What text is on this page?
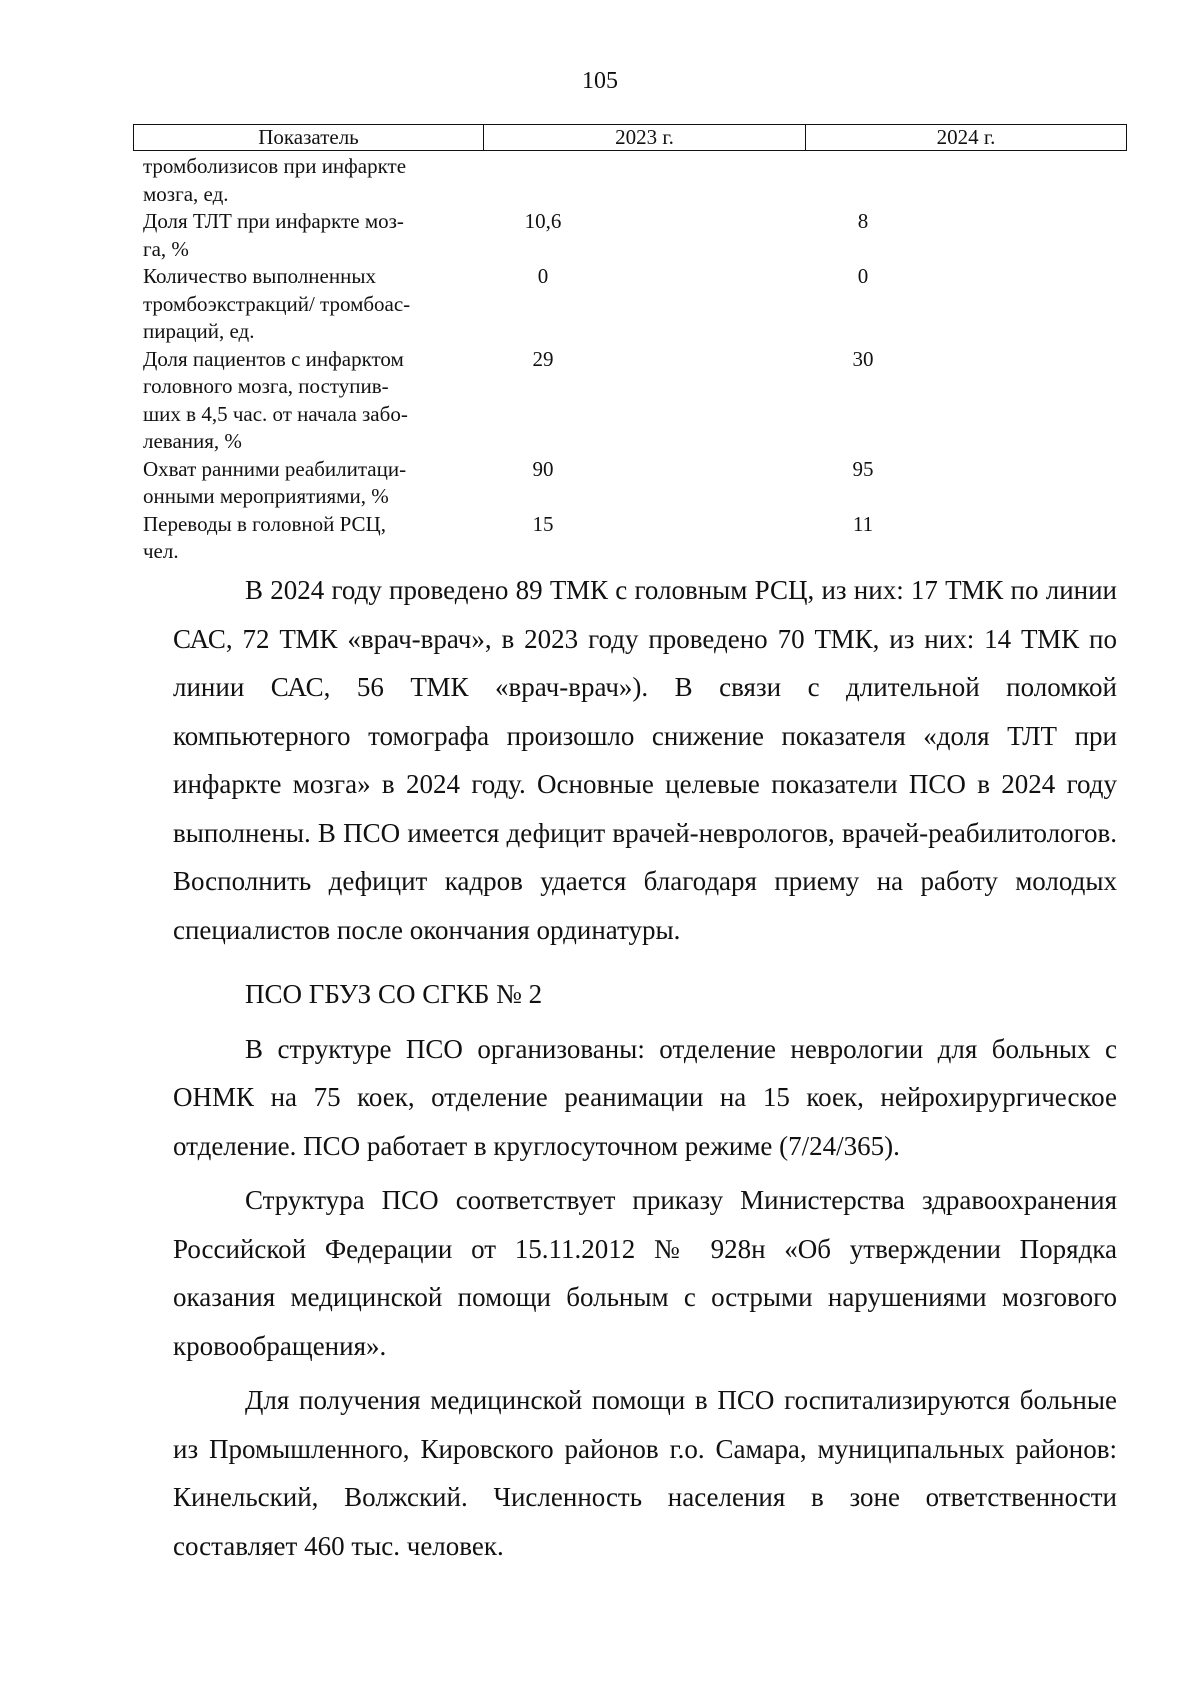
105
Показатель	2023 г.	2024 г.
тромболизисов при инфаркте
мозга, ед.
Доля ТЛТ при инфаркте моз-
га, %
10,6	8
Количество выполненных
тромбоэкстракций/ тромбоас-
пираций, ед.
0	0
Доля пациентов с инфарктом
головного мозга, поступив-
ших в 4,5 час. от начала забо-
левания, %
29	30
Охват ранними реабилитаци-
онными мероприятиями, %
90	95
Переводы в головной РСЦ,
чел.
15	11

В 2024 году проведено 89 ТМК с головным РСЦ, из них: 17 ТМК по линии САС, 72 ТМК «врач-врач», в 2023 году проведено 70 ТМК, из них: 14 ТМК по линии САС, 56 ТМК «врач-врач»). В связи с длительной поломкой компьютерного томографа произошло снижение показателя «доля ТЛТ при инфаркте мозга» в 2024 году. Основные целевые показатели ПСО в 2024 году выполнены. В ПСО имеется дефицит врачей-неврологов, врачей-реабилитологов. Восполнить дефицит кадров удается благодаря приему на работу молодых специалистов после окончания ординатуры.

ПСО ГБУЗ СО СГКБ № 2

В структуре ПСО организованы: отделение неврологии для больных с ОНМК на 75 коек, отделение реанимации на 15 коек, нейрохирургическое отделение. ПСО работает в круглосуточном режиме (7/24/365).

Структура ПСО соответствует приказу Министерства здравоохранения Российской Федерации от 15.11.2012 № 928н «Об утверждении Порядка оказания медицинской помощи больным с острыми нарушениями мозгового кровообращения».

Для получения медицинской помощи в ПСО госпитализируются больные из Промышленного, Кировского районов г.о. Самара, муниципальных районов: Кинельский, Волжский. Численность населения в зоне ответственности составляет 460 тыс. человек.
